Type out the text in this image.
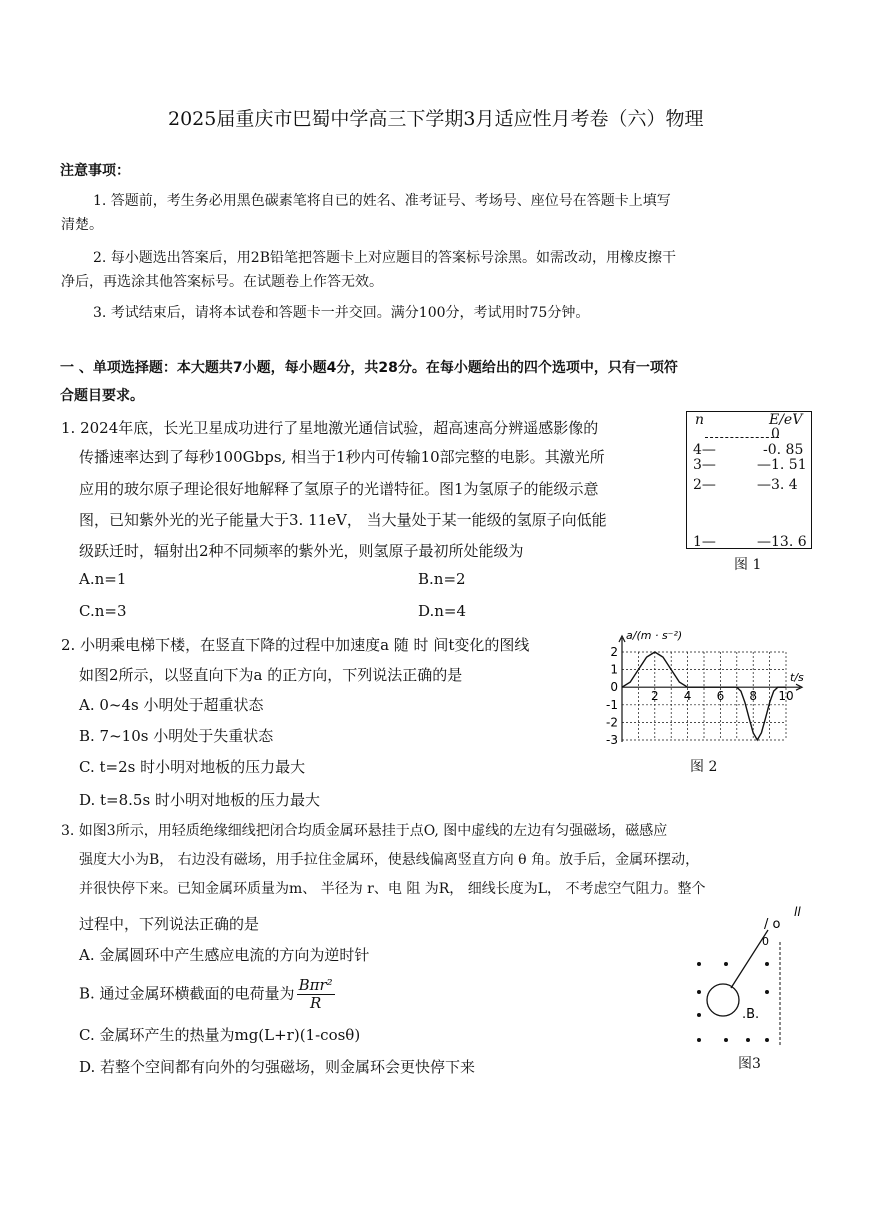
2025届重庆市巴蜀中学高三下学期3月适应性月考卷（六）物理
注意事项：
1. 答题前，考生务必用黑色碳素笔将自已的姓名、准考证号、考场号、座位号在答题卡上填写
清楚。
2. 每小题选出答案后，用2B铅笔把答题卡上对应题目的答案标号涂黑。如需改动，用橡皮擦干
净后，再选涂其他答案标号。在试题卷上作答无效。
3. 考试结束后，请将本试卷和答题卡一并交回。满分100分，考试用时75分钟。
一 、单项选择题：本大题共7小题，每小题4分，共28分。在每小题给出的四个选项中，只有一项符
合题目要求。
1. 2024年底，长光卫星成功进行了星地激光通信试验，超高速高分辨遥感影像的
传播速率达到了每秒100Gbps, 相当于1秒内可传输10部完整的电影。其激光所
应用的玻尔原子理论很好地解释了氢原子的光谱特征。图1为氢原子的能级示意
图，已知紫外光的光子能量大于3. 11eV， 当大量处于某一能级的氢原子向低能
级跃迁时，辐射出2种不同频率的紫外光，则氢原子最初所处能级为
A.n=1	B.n=2
C.n=3	D.n=4
n	E/eV
0
4—	-0. 85
3—	—1. 51
2—	—3. 4
1—	—13. 6
图 1
2. 小明乘电梯下楼，在竖直下降的过程中加速度a 随 时 间t变化的图线
如图2所示，以竖直向下为a 的正方向，下列说法正确的是
A. 0~4s 小明处于超重状态
B. 7~10s 小明处于失重状态
C. t=2s 时小明对地板的压力最大
D. t=8.5s 时小明对地板的压力最大
2
1
0
-1
-2
-3
2 4 6 8 10
a/(m · s⁻²)
t/s
图 2
3. 如图3所示，用轻质绝缘细线把闭合均质金属环悬挂于点O, 图中虚线的左边有匀强磁场，磁感应
强度大小为B， 右边没有磁场，用手拉住金属环，使悬线偏离竖直方向 θ 角。放手后，金属环摆动，
并很快停下来。已知金属环质量为m、 半径为 r、电 阻 为R， 细线长度为L， 不考虑空气阻力。整个
过程中，下列说法正确的是
A. 金属圆环中产生感应电流的方向为逆时针
B. 通过金属环横截面的电荷量为 $\frac{\text{Bπr²}}{R}$
C. 金属环产生的热量为mg(L+r)(1-cosθ)
D. 若整个空间都有向外的匀强磁场，则金属环会更快停下来
/ o
ll
0
.B.
图3
